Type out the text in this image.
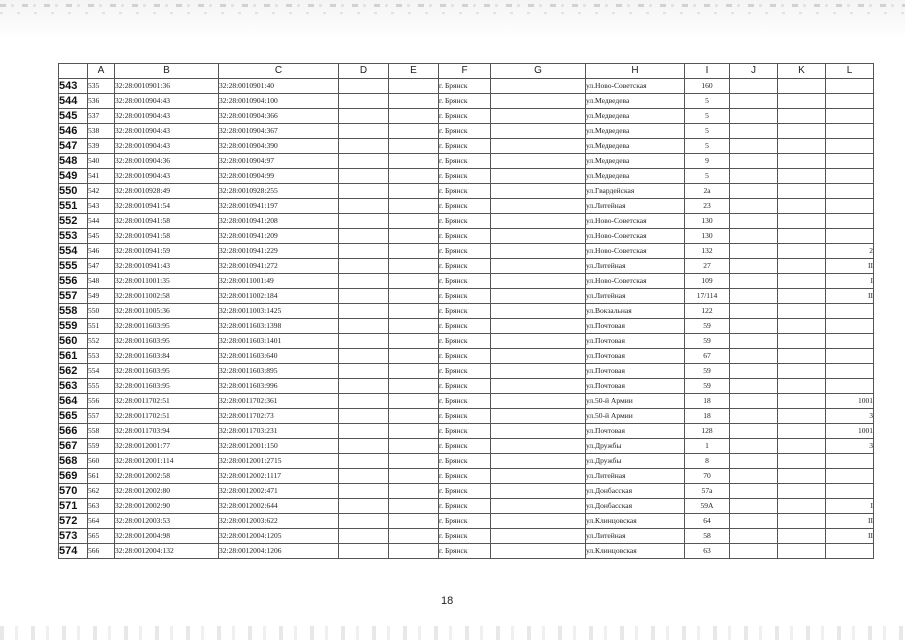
	A	B	C	D	E	F	G	H	I	J	K	L
543	535	32:28:0010901:36	32:28:0010901:40			г. Брянск		ул.Ново-Советская	160			
544	536	32:28:0010904:43	32:28:0010904:100			г. Брянск		ул.Медведева	5			
545	537	32:28:0010904:43	32:28:0010904:366			г. Брянск		ул.Медведева	5			
546	538	32:28:0010904:43	32:28:0010904:367			г. Брянск		ул.Медведева	5			
547	539	32:28:0010904:43	32:28:0010904:390			г. Брянск		ул.Медведева	5			
548	540	32:28:0010904:36	32:28:0010904:97			г. Брянск		ул.Медведева	9			
549	541	32:28:0010904:43	32:28:0010904:99			г. Брянск		ул.Медведева	5			
550	542	32:28:0010928:49	32:28:0010928:255			г. Брянск		ул.Гвардейская	2а			
551	543	32:28:0010941:54	32:28:0010941:197			г. Брянск		ул.Литейная	23			
552	544	32:28:0010941:58	32:28:0010941:208			г. Брянск		ул.Ново-Советская	130			
553	545	32:28:0010941:58	32:28:0010941:209			г. Брянск		ул.Ново-Советская	130			
554	546	32:28:0010941:59	32:28:0010941:229			г. Брянск		ул.Ново-Советская	132			2
555	547	32:28:0010941:43	32:28:0010941:272			г. Брянск		ул.Литейная	27			II
556	548	32:28:0011001:35	32:28:0011001:49			г. Брянск		ул.Ново-Советская	109			I
557	549	32:28:0011002:58	32:28:0011002:184			г. Брянск		ул.Литейная	17/114			II
558	550	32:28:0011005:36	32:28:0011003:1425			г. Брянск		ул.Вокзальная	122			
559	551	32:28:0011603:95	32:28:0011603:1398			г. Брянск		ул.Почтовая	59			
560	552	32:28:0011603:95	32:28:0011603:1401			г. Брянск		ул.Почтовая	59			
561	553	32:28:0011603:84	32:28:0011603:640			г. Брянск		ул.Почтовая	67			
562	554	32:28:0011603:95	32:28:0011603:895			г. Брянск		ул.Почтовая	59			
563	555	32:28:0011603:95	32:28:0011603:996			г. Брянск		ул.Почтовая	59			
564	556	32:28:0011702:51	32:28:0011702:361			г. Брянск		ул.50-й Армии	18			1001
565	557	32:28:0011702:51	32:28:0011702:73			г. Брянск		ул.50-й Армии	18			3
566	558	32:28:0011703:94	32:28:0011703:231			г. Брянск		ул.Почтовая	128			1001
567	559	32:28:0012001:77	32:28:0012001:150			г. Брянск		ул.Дружбы	1			3
568	560	32:28:0012001:114	32:28:0012001:2715			г. Брянск		ул.Дружбы	8			
569	561	32:28:0012002:58	32:28:0012002:1117			г. Брянск		ул.Литейная	70			
570	562	32:28:0012002:80	32:28:0012002:471			г. Брянск		ул.Донбасская	57а			
571	563	32:28:0012002:90	32:28:0012002:644			г. Брянск		ул.Донбасская	59А			I
572	564	32:28:0012003:53	32:28:0012003:622			г. Брянск		ул.Клинцовская	64			II
573	565	32:28:0012004:98	32:28:0012004:1205			г. Брянск		ул.Литейная	58			II
574	566	32:28:0012004:132	32:28:0012004:1206			г. Брянск		ул.Клинцовская	63			
18
